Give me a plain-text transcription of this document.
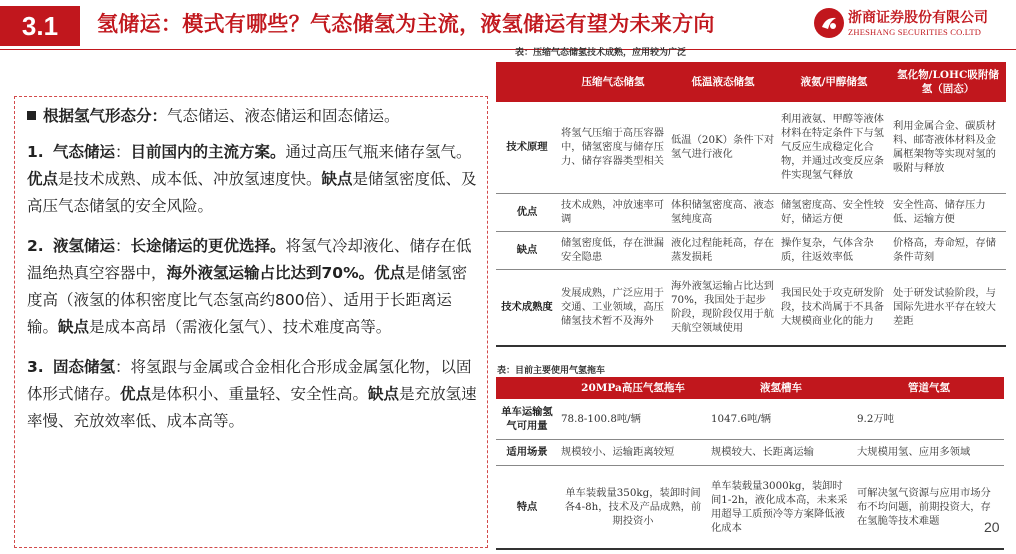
3.1	氢储运：模式有哪些？气态储氢为主流，液氢储运有望为未来方向	浙商证券股份有限公司
ZHESHANG SECURITIES CO.LTD
根据氢气形态分：气态储运、液态储运和固态储运。
1. 气态储运：目前国内的主流方案。通过高压气瓶来储存氢气。优点是技术成熟、成本低、冲放氢速度快。缺点是储氢密度低、及高压气态储氢的安全风险。
2. 液氢储运：长途储运的更优选择。将氢气冷却液化、储存在低温绝热真空容器中，海外液氢运输占比达到70%。优点是储氢密度高（液氢的体积密度比气态氢高约800倍）、适用于长距离运输。缺点是成本高昂（需液化氢气）、技术难度高等。
3. 固态储氢：将氢跟与金属或合金相化合形成金属氢化物，以固体形式储存。优点是体积小、重量轻、安全性高。缺点是充放氢速率慢、充放效率低、成本高等。
表：压缩气态储氢技术成熟，应用较为广泛
	压缩气态储氢	低温液态储氢	液氨/甲醇储氢	氢化物/LOHC吸附储氢（固态）
技术原理	将氢气压缩于高压容器中，储氢密度与储存压力、储存容器类型相关	低温（20K）条件下对氢气进行液化	利用液氨、甲醇等液体材料在特定条件下与氢气反应生成稳定化合物，并通过改变反应条件实现氢气释放	利用金属合金、碳质材料、邮寄液体材料及金属框架物等实现对氢的吸附与释放
优点	技术成熟，冲放速率可调	体积储氢密度高、液态氢纯度高	储氢密度高、安全性较好，储运方便	安全性高、储存压力低、运输方便
缺点	储氢密度低，存在泄漏安全隐患	液化过程能耗高，存在蒸发损耗	操作复杂，气体含杂质，往返效率低	价格高，寿命短，存储条件苛刻
技术成熟度	发展成熟，广泛应用于交通、工业领域，高压储氢技术暂不及海外	海外液氢运输占比达到70%，我国处于起步阶段，现阶段仅用于航天航空领域使用	我国民处于攻克研发阶段，技术尚属于不具备大规模商业化的能力	处于研发试验阶段，与国际先进水平存在较大差距
表：目前主要使用气氢拖车
	20MPa高压气氢拖车	液氢槽车	管道气氢
单车运输氢气可用量	78.8-100.8吨/辆	1047.6吨/辆	9.2万吨
适用场景	规模较小、运输距离较短	规模较大、长距离运输	大规模用氢、应用多领域
特点	单车装载量350kg，装卸时间各4-8h，技术及产品成熟，前期投资小	单车装载量3000kg，装卸时间1-2h，液化成本高，未来采用超导工质预冷等方案降低液化成本	可解决氢气资源与应用市场分布不均问题，前期投资大，存在氢脆等技术难题	20
